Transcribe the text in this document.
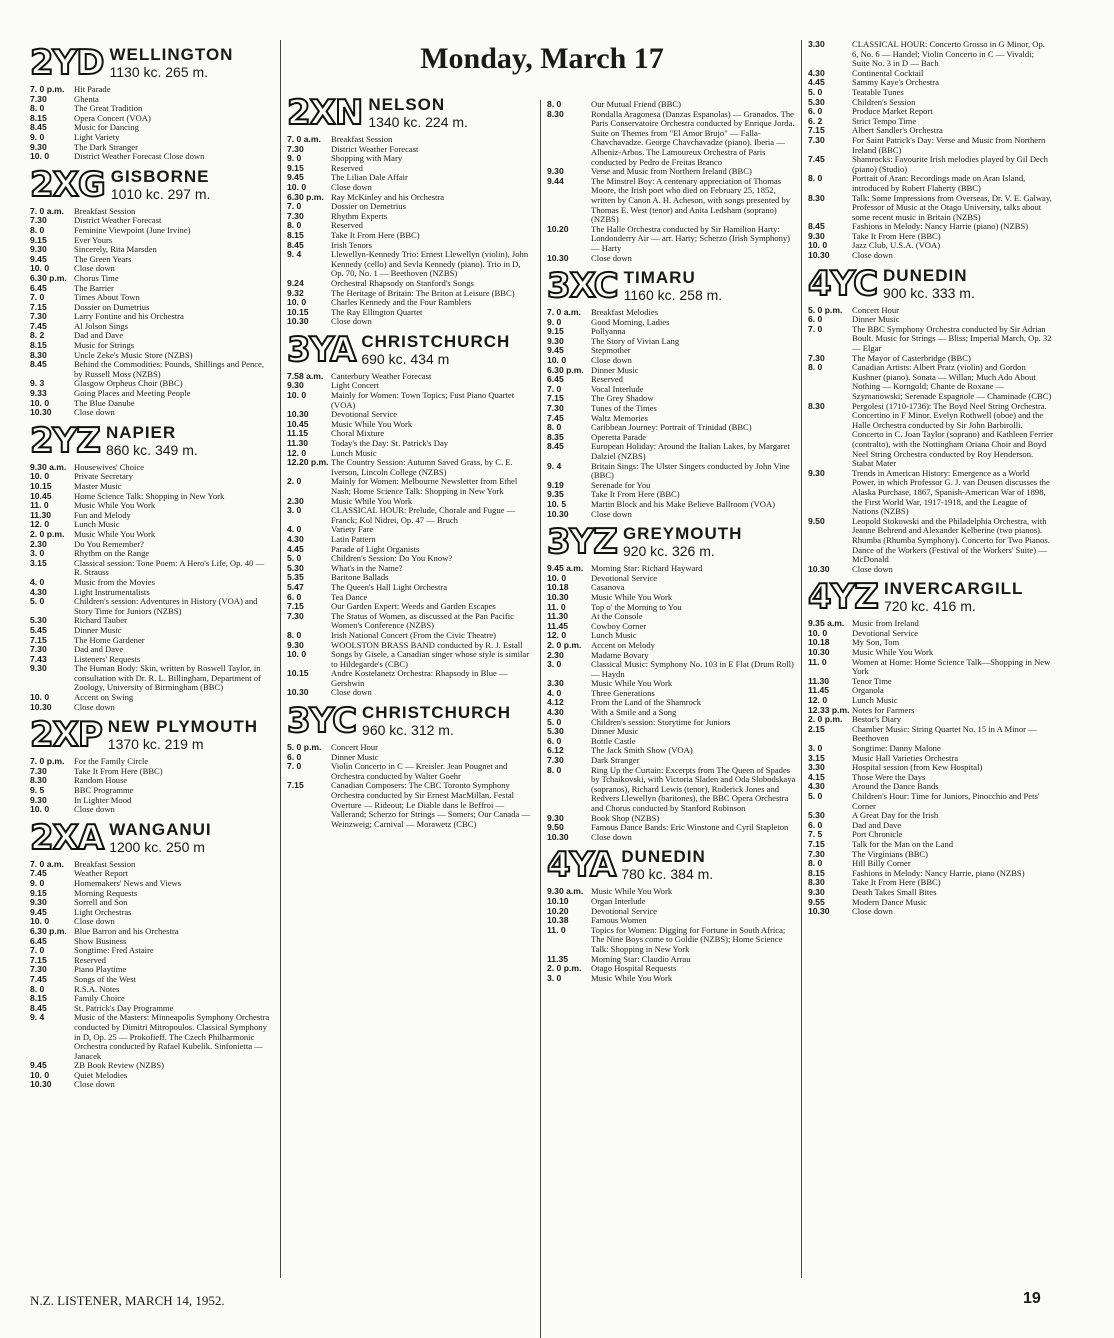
Monday, March 17
2YD WELLINGTON
1130 kc. 265 m.
7. 0 p.m.	Hit Parade
7.30	Ghenta
8. 0	The Great Tradition
8.15	Opera Concert (VOA)
8.45	Music for Dancing
9. 0	Light Variety
9.30	The Dark Stranger
10. 0	District Weather Forecast Close down
2XG GISBORNE
1010 kc. 297 m.
7. 0 a.m.	Breakfast Session
7.30	District Weather Forecast
8. 0	Feminine Viewpoint (June Irvine)
9.15	Ever Yours
9.30	Sincerely, Rita Marsden
9.45	The Green Years
10. 0	Close down
6.30 p.m. Chorus Time
6.45	The Barrier
7. 0	Times About Town
7.15	Dossier on Dumetrius
7.30	Larry Fontine and his Orchestra
7.45	Al Jolson Sings
8. 2	Dad and Dave
8.15	Music for Strings
8.30	Uncle Zeke's Music Store (NZBS)
8.45	Behind the Commodities: Pounds, Shillings and Pence, by Russell Moss (NZBS)
9. 3	Glasgow Orpheus Choir (BBC)
9.33	Going Places and Meeting People
10. 0	The Blue Danube
10.30	Close down
2YZ NAPIER
860 kc. 349 m.
9.30 a.m. Housewives' Choice
10. 0	Private Secretary
10.15	Master Music
10.45	Home Science Talk: Shopping in New York
11. 0	Music While You Work
11.30	Fun and Melody
12. 0	Lunch Music
2. 0 p.m.	Music While You Work
2.30	Do You Remember?
3. 0	Rhythm on the Range
3.15	Classical session: Tone Poem: A Hero's Life, Op. 40 — R. Strauss
4. 0	Music from the Movies
4.30	Light Instrumentalists
5. 0	Children's session: Adventures in History (VOA) and Story Time for Juniors (NZBS)
5.30	Richard Tauber
5.45	Dinner Music
7.15	The Home Gardener
7.30	Dad and Dave
7.43	Listeners' Requests
9.30	The Human Body: Skin, written by Roswell Taylor, in consultation with Dr. R. L. Billingham, Department of Zoology, University of Birmingham (BBC)
10. 0	Accent on Swing
10.30	Close down
2XP NEW PLYMOUTH
1370 kc. 219 m
7. 0 p.m.	For the Family Circle
7.30	Take It From Here (BBC)
8.30	Random House
9. 5	BBC Programme
9.30	In Lighter Mood
10. 0	Close down
2XA WANGANUI
1200 kc. 250 m
7. 0 a.m.	Breakfast Session
7.45	Weather Report
9. 0	Homemakers' News and Views
9.15	Morning Requests
9.30	Sorrell and Son
9.45	Light Orchestras
10. 0	Close down
6.30 p.m. Blue Barron and his Orchestra
6.45	Show Business
7. 0	Songtime: Fred Astaire
7.15	Reserved
7.30	Piano Playtime
7.45	Songs of the West
8. 0	R.S.A. Notes
8.15	Family Choice
8.45	St. Patrick's Day Programme
9. 4	Music of the Masters: Minneapolis Symphony Orchestra conducted by Dimitri Mitropoulos. Classical Symphony in D, Op. 25 — Prokofieff. The Czech Philharmonic Orchestra conducted by Rafael Kubelik. Sinfonietta — Janacek
9.45	ZB Book Review (NZBS)
10. 0	Quiet Melodies
10.30	Close down
2XN NELSON
1340 kc. 224 m.
7. 0 a.m.	Breakfast Session
7.30	District Weather Forecast
9. 0	Shopping with Mary
9.15	Reserved
9.45	The Lilian Dale Affair
10. 0	Close down
6.30 p.m. Ray McKinley and his Orchestra
7. 0	Dossier on Demetrius
7.30	Rhythm Experts
8. 0	Reserved
8.15	Take It From Here (BBC)
8.45	Irish Tenors
9. 4	Llewellyn-Kennedy Trio: Ernest Llewellyn (violin), John Kennedy (cello) and Sevla Kennedy (piano). Trio in D, Op. 70, No. 1 — Beethoven (NZBS)
9.24	Orchestral Rhapsody on Stanford's Songs
9.32	The Heritage of Britain: The Briton at Leisure (BBC)
10. 0	Charles Kennedy and the Four Ramblers
10.15	The Ray Ellington Quartet
10.30	Close down
3YA CHRISTCHURCH
690 kc. 434 m
7.58 a.m. Canterbury Weather Forecast
9.30	Light Concert
10. 0	Mainly for Women: Town Topics; Fust Piano Quartet (VOA)
10.30	Devotional Service
10.45	Music While You Work
11.15	Choral Mixture
11.30	Today's the Day: St. Patrick's Day
12. 0	Lunch Music
12.20 p.m. The Country Session: Autumn Saved Grass, by C. E. Iverson, Lincoln College (NZBS)
2. 0	Mainly for Women: Melbourne Newsletter from Ethel Nash; Home Science Talk: Shopping in New York
2.30	Music While You Work
3. 0	CLASSICAL HOUR: Prelude, Chorale and Fugue — Franck; Kol Nidrei, Op. 47 — Bruch
4. 0	Variety Fare
4.30	Latin Pattern
4.45	Parade of Light Organists
5. 0	Children's Session: Do You Know?
5.30	What's in the Name?
5.35	Baritone Ballads
5.47	The Queen's Hall Light Orchestra
6. 0	Tea Dance
7.15	Our Garden Expert: Weeds and Garden Escapes
7.30	The Status of Women, as discussed at the Pan Pacific Women's Conference (NZBS)
8. 0	Irish National Concert (From the Civic Theatre)
9.30	WOOLSTON BRASS BAND conducted by R. J. Estall
10. 0	Songs by Gisele, a Canadian singer whose style is similar to Hildegarde's (CBC)
10.15	Andre Kostelanetz Orchestra: Rhapsody in Blue — Gershwin
10.30	Close down
3YC CHRISTCHURCH
960 kc. 312 m.
5. 0 p.m.	Concert Hour
6. 0	Dinner Music
7. 0	Violin Concerto in C — Kreisler. Jean Pougnet and Orchestra conducted by Walter Goehr
7.15	Canadian Composers: The CBC Toronto Symphony Orchestra conducted by Sir Ernest MacMillan. Festal Overture — Rideout; Le Diable dans le Beffroi — Vallerand; Scherzo for Strings — Somers; Our Canada — Weinzweig; Carnival — Morawetz (CBC)
8. 0	Our Mutual Friend (BBC)
8.30	Rondalla Aragonesa (Danzas Espanolas) — Granados. The Paris Conservatoire Orchestra conducted by Enrique Jorda. Suite on Themes from "El Amor Brujo" — Falla-Chavchavadze. George Chavchavadze (piano). Iberia — Albeniz-Arbos. The Lamoureux Orchestra of Paris conducted by Pedro de Freitas Branco
9.30	Verse and Music from Northern Ireland (BBC)
9.44	The Minstrel Boy: A centenary appreciation of Thomas Moore, the Irish poet who died on February 25, 1852, written by Canon A. H. Acheson, with songs presented by Thomas E. West (tenor) and Anita Ledsham (soprano) (NZBS)
10.20	The Halle Orchestra conducted by Sir Hamilton Harty: Londonderry Air — arr. Harty; Scherzo (Irish Symphony) — Harty
10.30	Close down
3XC TIMARU
1160 kc. 258 m.
7. 0 a.m.	Breakfast Melodies
9. 0	Good Morning, Ladies
9.15	Pollyanna
9.30	The Story of Vivian Lang
9.45	Stepmother
10. 0	Close down
6.30 p.m. Dinner Music
6.45	Reserved
7. 0	Vocal Interlude
7.15	The Grey Shadow
7.30	Tunes of the Times
7.45	Waltz Memories
8. 0	Caribbean Journey: Portrait of Trinidad (BBC)
8.35	Operetta Parade
8.45	European Holiday: Around the Italian Lakes, by Margaret Dalziel (NZBS)
9. 4	Britain Sings: The Ulster Singers conducted by John Vine (BBC)
9.19	Serenade for You
9.35	Take It From Here (BBC)
10. 5	Martin Block and his Make Believe Ballroom (VOA)
10.30	Close down
3YZ GREYMOUTH
920 kc. 326 m.
9.45 a.m. Morning Star: Richard Hayward
10. 0	Devotional Service
10.18	Casanova
10.30	Music While You Work
11. 0	Top o' the Morning to You
11.30	At the Console
11.45	Cowboy Corner
12. 0	Lunch Music
2. 0 p.m.	Accent on Melody
2.30	Madame Bovary
3. 0	Classical Music: Symphony No. 103 in E Flat (Drum Roll) — Haydn
3.30	Music While You Work
4. 0	Three Generations
4.12	From the Land of the Shamrock
4.30	With a Smile and a Song
5. 0	Children's session: Storytime for Juniors
5.30	Dinner Music
6. 0	Bottle Castle
6.12	The Jack Smith Show (VOA)
7.30	Dark Stranger
8. 0	Ring Up the Curtain: Excerpts from The Queen of Spades by Tchaikovski, with Victoria Sladen and Oda Slobodskaya (sopranos), Richard Lewis (tenor), Roderick Jones and Redvers Llewellyn (baritones), the BBC Opera Orchestra and Chorus conducted by Stanford Robinson
9.30	Book Shop (NZBS)
9.50	Famous Dance Bands: Eric Winstone and Cyril Stapleton
10.30	Close down
4YA DUNEDIN
780 kc. 384 m.
9.30 a.m. Music While You Work
10.10	Organ Interlude
10.20	Devotional Service
10.38	Famous Women
11. 0	Topics for Women: Digging for Fortune in South Africa; The Nine Boys come to Goldie (NZBS); Home Science Talk: Shopping in New York
11.35	Morning Star: Claudio Arrau
2. 0 p.m.	Otago Hospital Requests
3. 0	Music While You Work
3.30	CLASSICAL HOUR: Concerto Grosso in G Minor, Op. 6, No. 6 — Handel; Violin Concerto in C — Vivaldi; Suite No. 3 in D — Bach
4.30	Continental Cocktail
4.45	Sammy Kaye's Orchestra
5. 0	Teatable Tunes
5.30	Children's Session
6. 0	Produce Market Report
6. 2	Strict Tempo Time
7.15	Albert Sandler's Orchestra
7.30	For Saint Patrick's Day: Verse and Music from Northern Ireland (BBC)
7.45	Shamrocks: Favourite Irish melodies played by Gil Dech (piano) (Studio)
8. 0	Portrait of Aran: Recordings made on Aran Island, introduced by Robert Flaherty (BBC)
8.30	Talk: Some Impressions from Overseas, Dr. V. E. Galway, Professor of Music at the Otago University, talks about some recent music in Britain (NZBS)
8.45	Fashions in Melody: Nancy Harrie (piano) (NZBS)
9.30	Take It From Here (BBC)
10. 0	Jazz Club, U.S.A. (VOA)
10.30	Close down
4YC DUNEDIN
900 kc. 333 m.
5. 0 p.m.	Concert Hour
6. 0	Dinner Music
7. 0	The BBC Symphony Orchestra conducted by Sir Adrian Boult. Music for Strings — Bliss; Imperial March, Op. 32 — Elgar
7.30	The Mayor of Casterbridge (BBC)
8. 0	Canadian Artists: Albert Pratz (violin) and Gordon Kushner (piano). Sonata — Willan; Much Ado About Nothing — Korngold; Chante de Roxane — Szymanowski; Serenade Espagnole — Chaminade (CBC)
8.30	Pergolesi (1710-1736): The Boyd Neel String Orchestra. Concertino in F Minor. Evelyn Rothwell (oboe) and the Halle Orchestra conducted by Sir John Barbirolli. Concerto in C. Joan Taylor (soprano) and Kathleen Ferrier (contralto), with the Nottingham Oriana Choir and Boyd Neel String Orchestra conducted by Roy Henderson. Stabat Mater
9.30	Trends in American History: Emergence as a World Power, in which Professor G. J. van Deusen discusses the Alaska Purchase, 1867, Spanish-American War of 1898, the First World War, 1917-1918, and the League of Nations (NZBS)
9.50	Leopold Stokowski and the Philadelphia Orchestra, with Jeanne Behrend and Alexander Kelberine (two pianos). Rhumba (Rhumba Symphony). Concerto for Two Pianos. Dance of the Workers (Festival of the Workers' Suite) — McDonald
10.30	Close down
4YZ INVERCARGILL
720 kc. 416 m.
9.35 a.m. Music from Ireland
10. 0	Devotional Service
10.18	My Son, Tom
10.30	Music While You Work
11. 0	Women at Home: Home Science Talk—Shopping in New York
11.30	Tenor Time
11.45	Organola
12. 0	Lunch Music
12.33 p.m. Notes for Farmers
2. 0 p.m.	Bestor's Diary
2.15	Chamber Music: String Quartet No. 15 in A Minor — Beethoven
3. 0	Songtime: Danny Malone
3.15	Music Hall Varieties Orchestra
3.30	Hospital session (from Kew Hospital)
4.15	Those Were the Days
4.30	Around the Dance Bands
5. 0	Children's Hour: Time for Juniors, Pinocchio and Pets' Corner
5.30	A Great Day for the Irish
6. 0	Dad and Dave
7. 5	Port Chronicle
7.15	Talk for the Man on the Land
7.30	The Virginians (BBC)
8. 0	Hill Billy Corner
8.15	Fashions in Melody: Nancy Harrie, piano (NZBS)
8.30	Take It From Here (BBC)
9.30	Death Takes Small Bites
9.55	Modern Dance Music
10.30	Close down
N.Z. LISTENER, MARCH 14, 1952.	19
